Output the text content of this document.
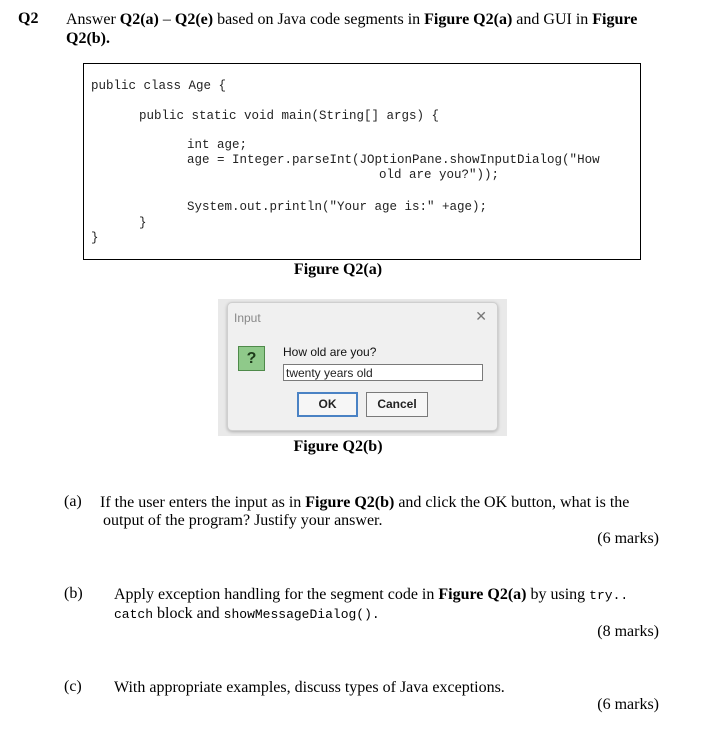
Q2 Answer Q2(a) – Q2(e) based on Java code segments in Figure Q2(a) and GUI in Figure
Q2(b).
public class Age {
public static void main(String[] args) {
int age;
age = Integer.parseInt(JOptionPane.showInputDialog("How
old are you?"));
System.out.println("Your age is:" +age);
}
}
Figure Q2(a)
Input	✕
?	How old are you?
twenty years old
OK	Cancel
Figure Q2(b)
(a) If the user enters the input as in Figure Q2(b) and click the OK button, what is the
output of the program? Justify your answer.
(6 marks)
(b) Apply exception handling for the segment code in Figure Q2(a) by using try..
catch block and showMessageDialog().
(8 marks)
(c) With appropriate examples, discuss types of Java exceptions.
(6 marks)
